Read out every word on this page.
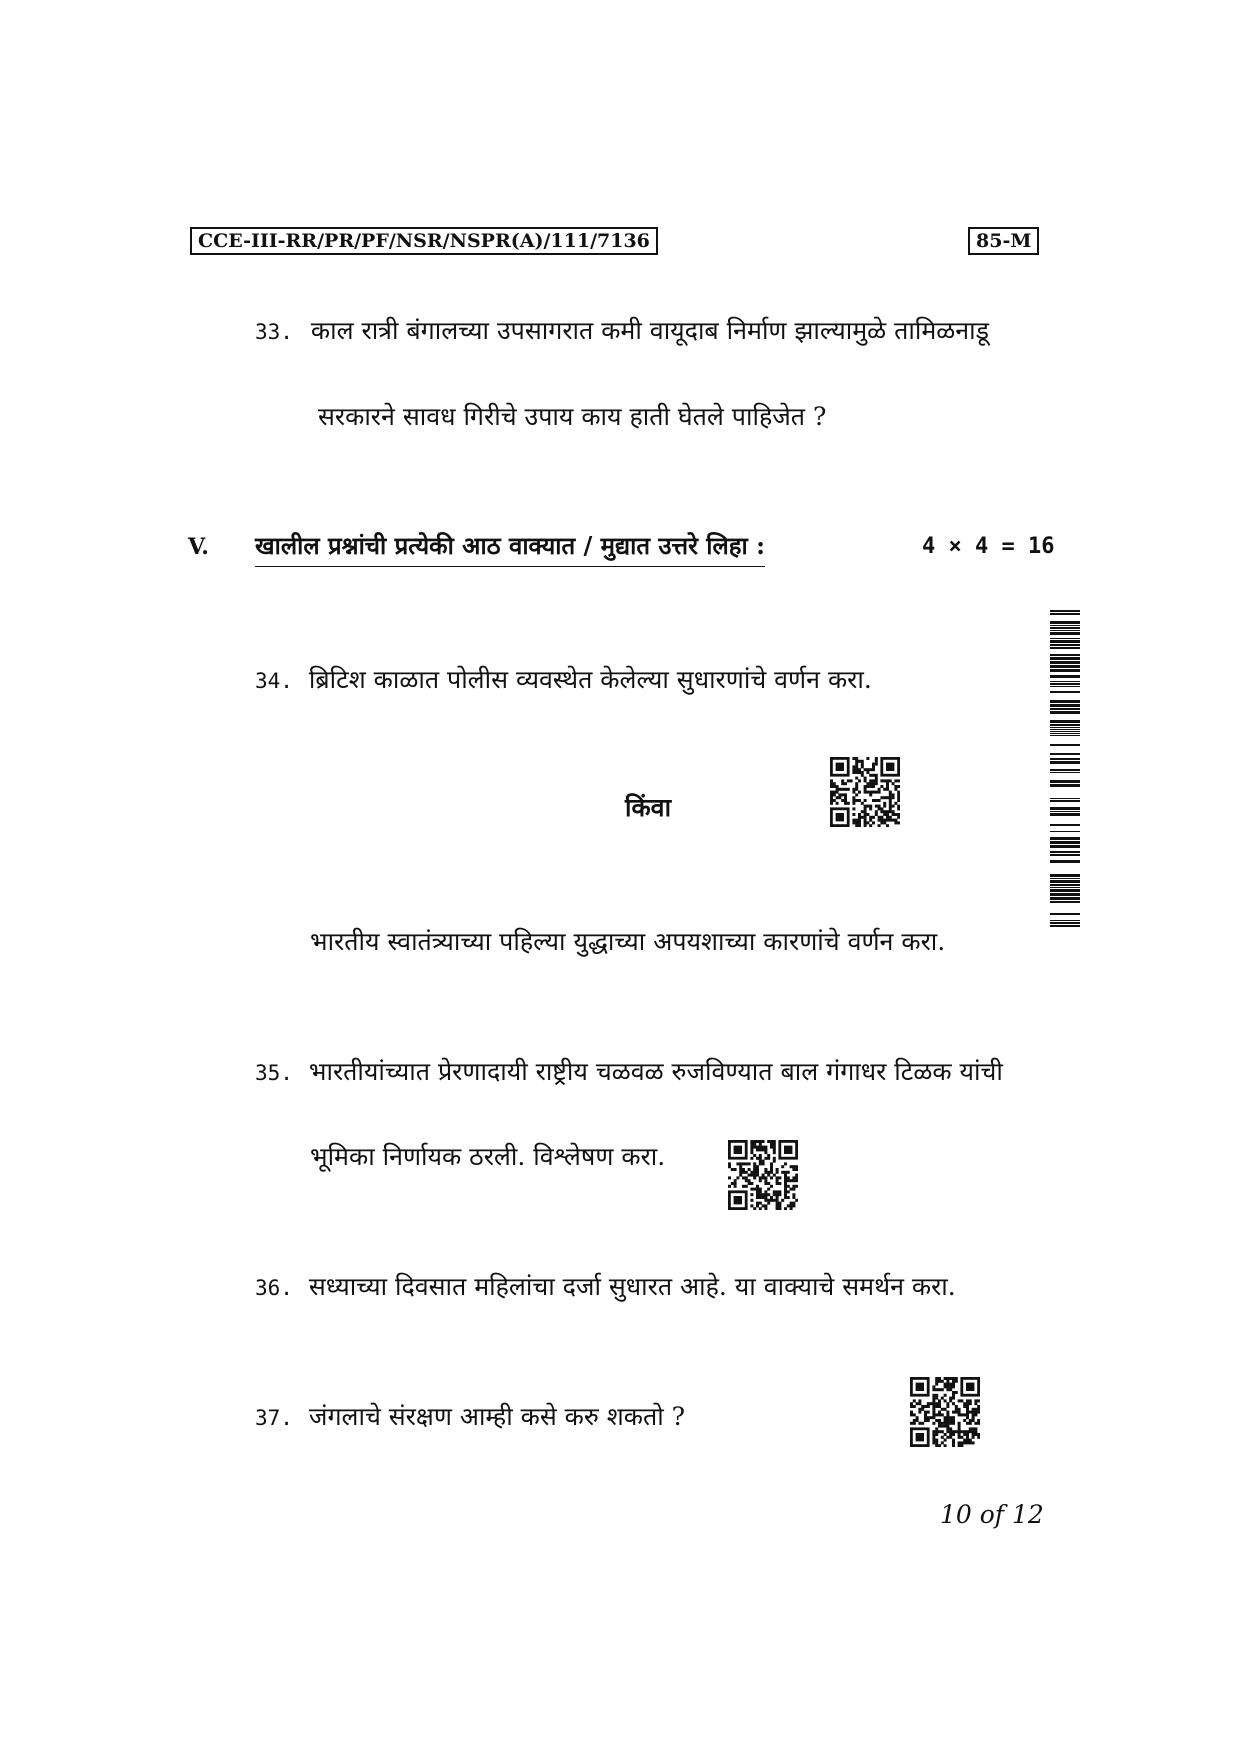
CCE-III-RR/PR/PF/NSR/NSPR(A)/111/7136	85-M
33. काल रात्री बंगालच्या उपसागरात कमी वायूदाब निर्माण झाल्यामुळे तामिळनाडू
सरकारने सावध गिरीचे उपाय काय हाती घेतले पाहिजेत ?
V. खालील प्रश्नांची प्रत्येकी आठ वाक्यात / मुद्यात उत्तरे लिहा :	4 × 4 = 16
34. ब्रिटिश काळात पोलीस व्यवस्थेत केलेल्या सुधारणांचे वर्णन करा.
किंवा
भारतीय स्वातंत्र्याच्या पहिल्या युद्धाच्या अपयशाच्या कारणांचे वर्णन करा.
35. भारतीयांच्यात प्रेरणादायी राष्ट्रीय चळवळ रुजविण्यात बाल गंगाधर टिळक यांची
भूमिका निर्णायक ठरली. विश्लेषण करा.
36. सध्याच्या दिवसात महिलांचा दर्जा सुधारत आहे. या वाक्याचे समर्थन करा.
37. जंगलाचे संरक्षण आम्ही कसे करु शकतो ?
10 of 12
